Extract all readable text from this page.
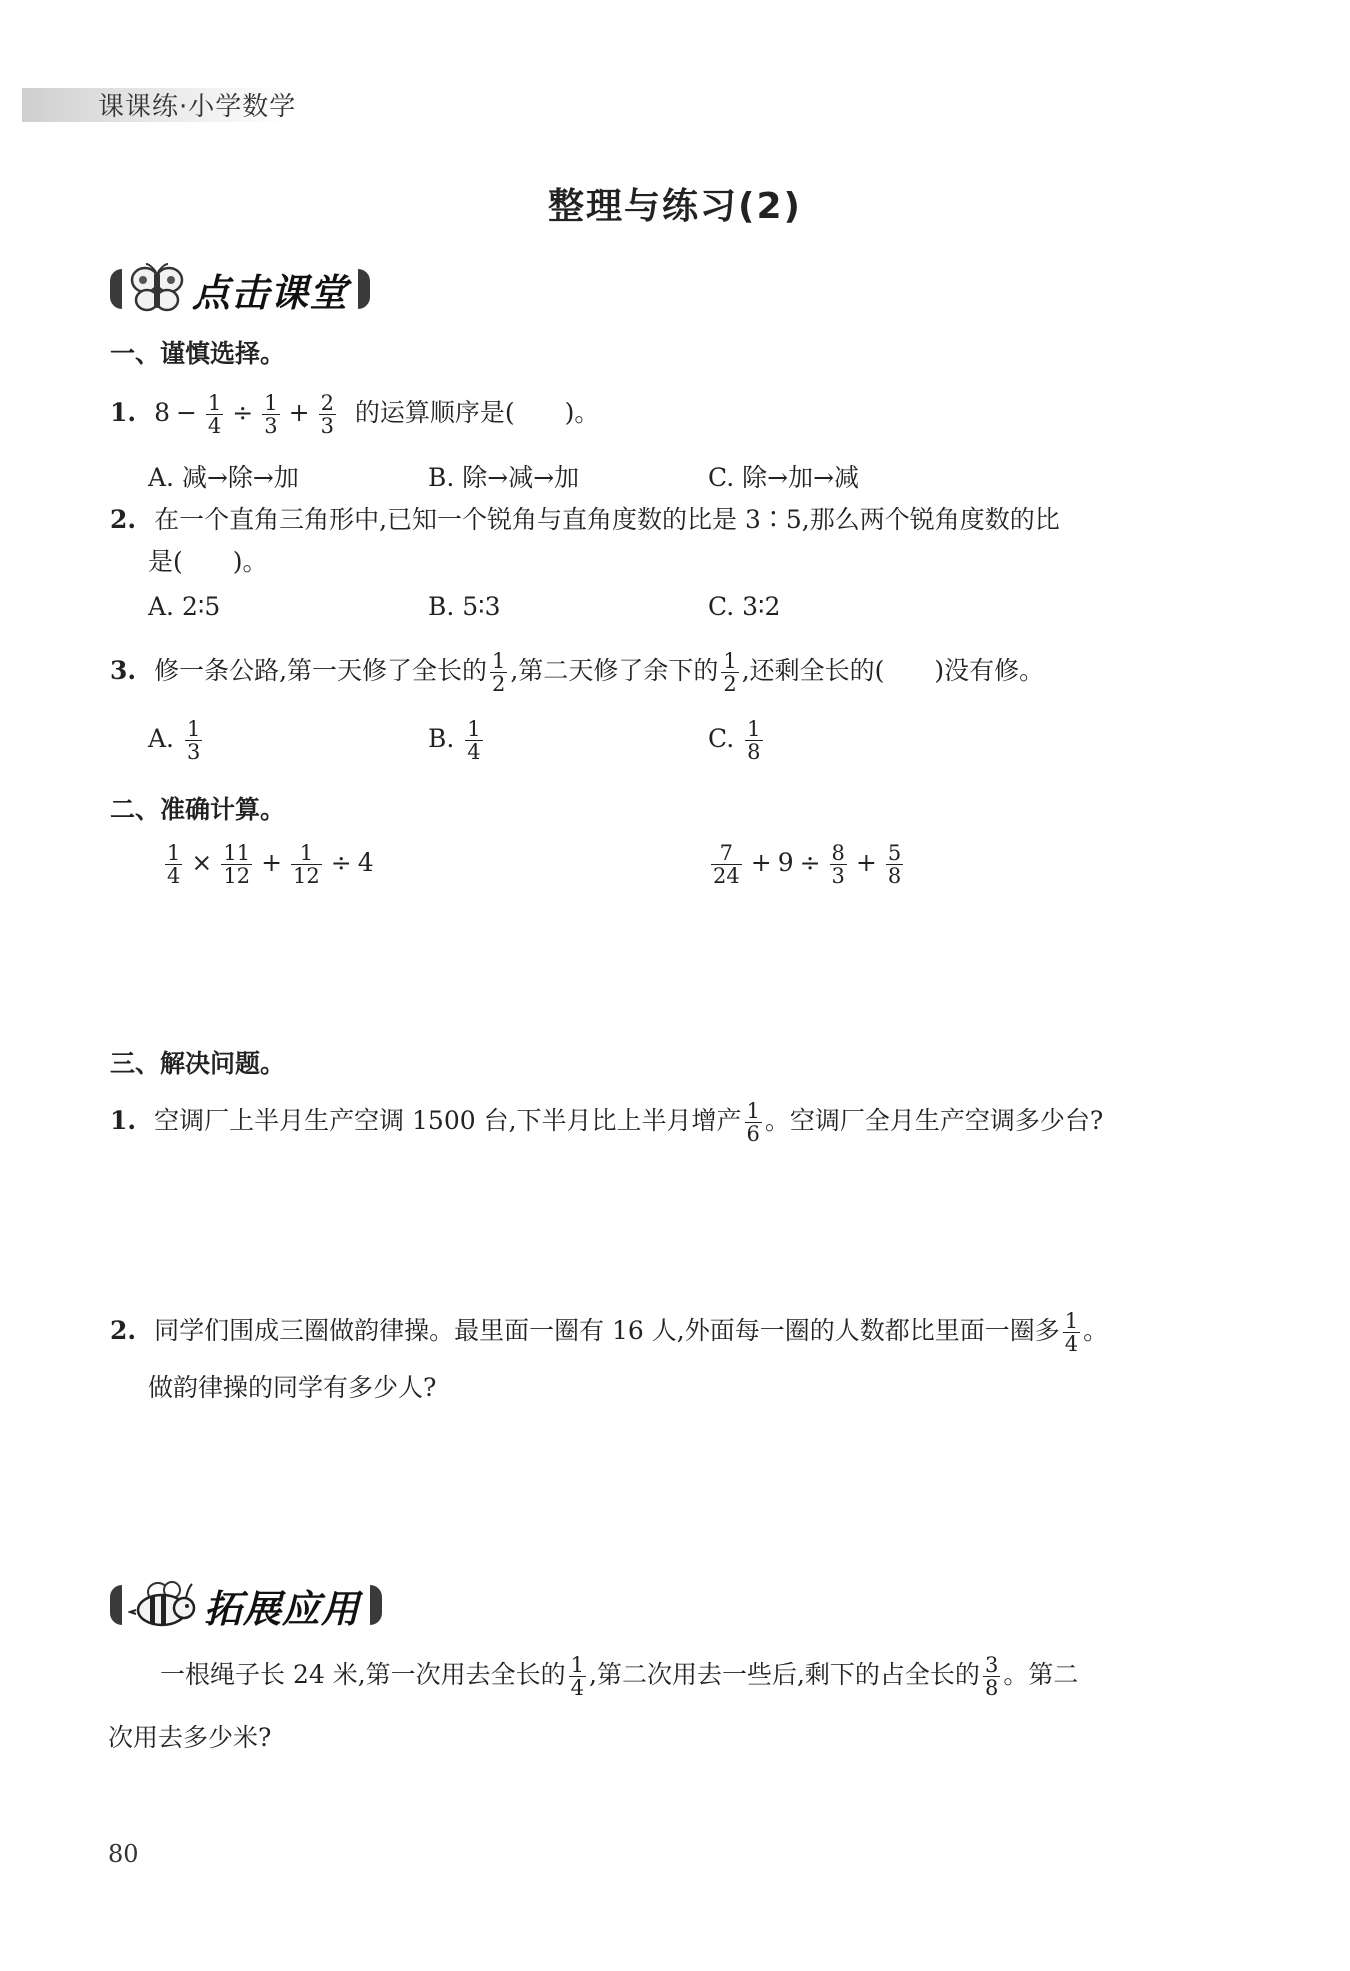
课课练·小学数学
整理与练习(2)
点击课堂
一、谨慎选择。
1. $8 - \frac{1}{4} \div \frac{1}{3} + \frac{2}{3}$ 的运算顺序是(　　)。
A. 减→除→加	B. 除→减→加	C. 除→加→减
2. 在一个直角三角形中,已知一个锐角与直角度数的比是 3∶5,那么两个锐角度数的比
是(　　)。
A. 2∶5	B. 5∶3	C. 3∶2
3. 修一条公路,第一天修了全长的 $\frac{1}{2}$ ,第二天修了余下的 $\frac{1}{2}$ ,还剩全长的(　　)没有修。
A. $\frac{1}{3}$	B. $\frac{1}{4}$	C. $\frac{1}{8}$
二、准确计算。
$\frac{1}{4} \times \frac{11}{12} + \frac{1}{12} \div 4$	$\frac{7}{24} + 9 \div \frac{8}{3} + \frac{5}{8}$
三、解决问题。
1. 空调厂上半月生产空调 1500 台,下半月比上半月增产 $\frac{1}{6}$ 。空调厂全月生产空调多少台?
2. 同学们围成三圈做韵律操。最里面一圈有 16 人,外面每一圈的人数都比里面一圈多 $\frac{1}{4}$ 。
做韵律操的同学有多少人?
拓展应用
一根绳子长 24 米,第一次用去全长的 $\frac{1}{4}$ ,第二次用去一些后,剩下的占全长的 $\frac{3}{8}$ 。第二
次用去多少米?
80
